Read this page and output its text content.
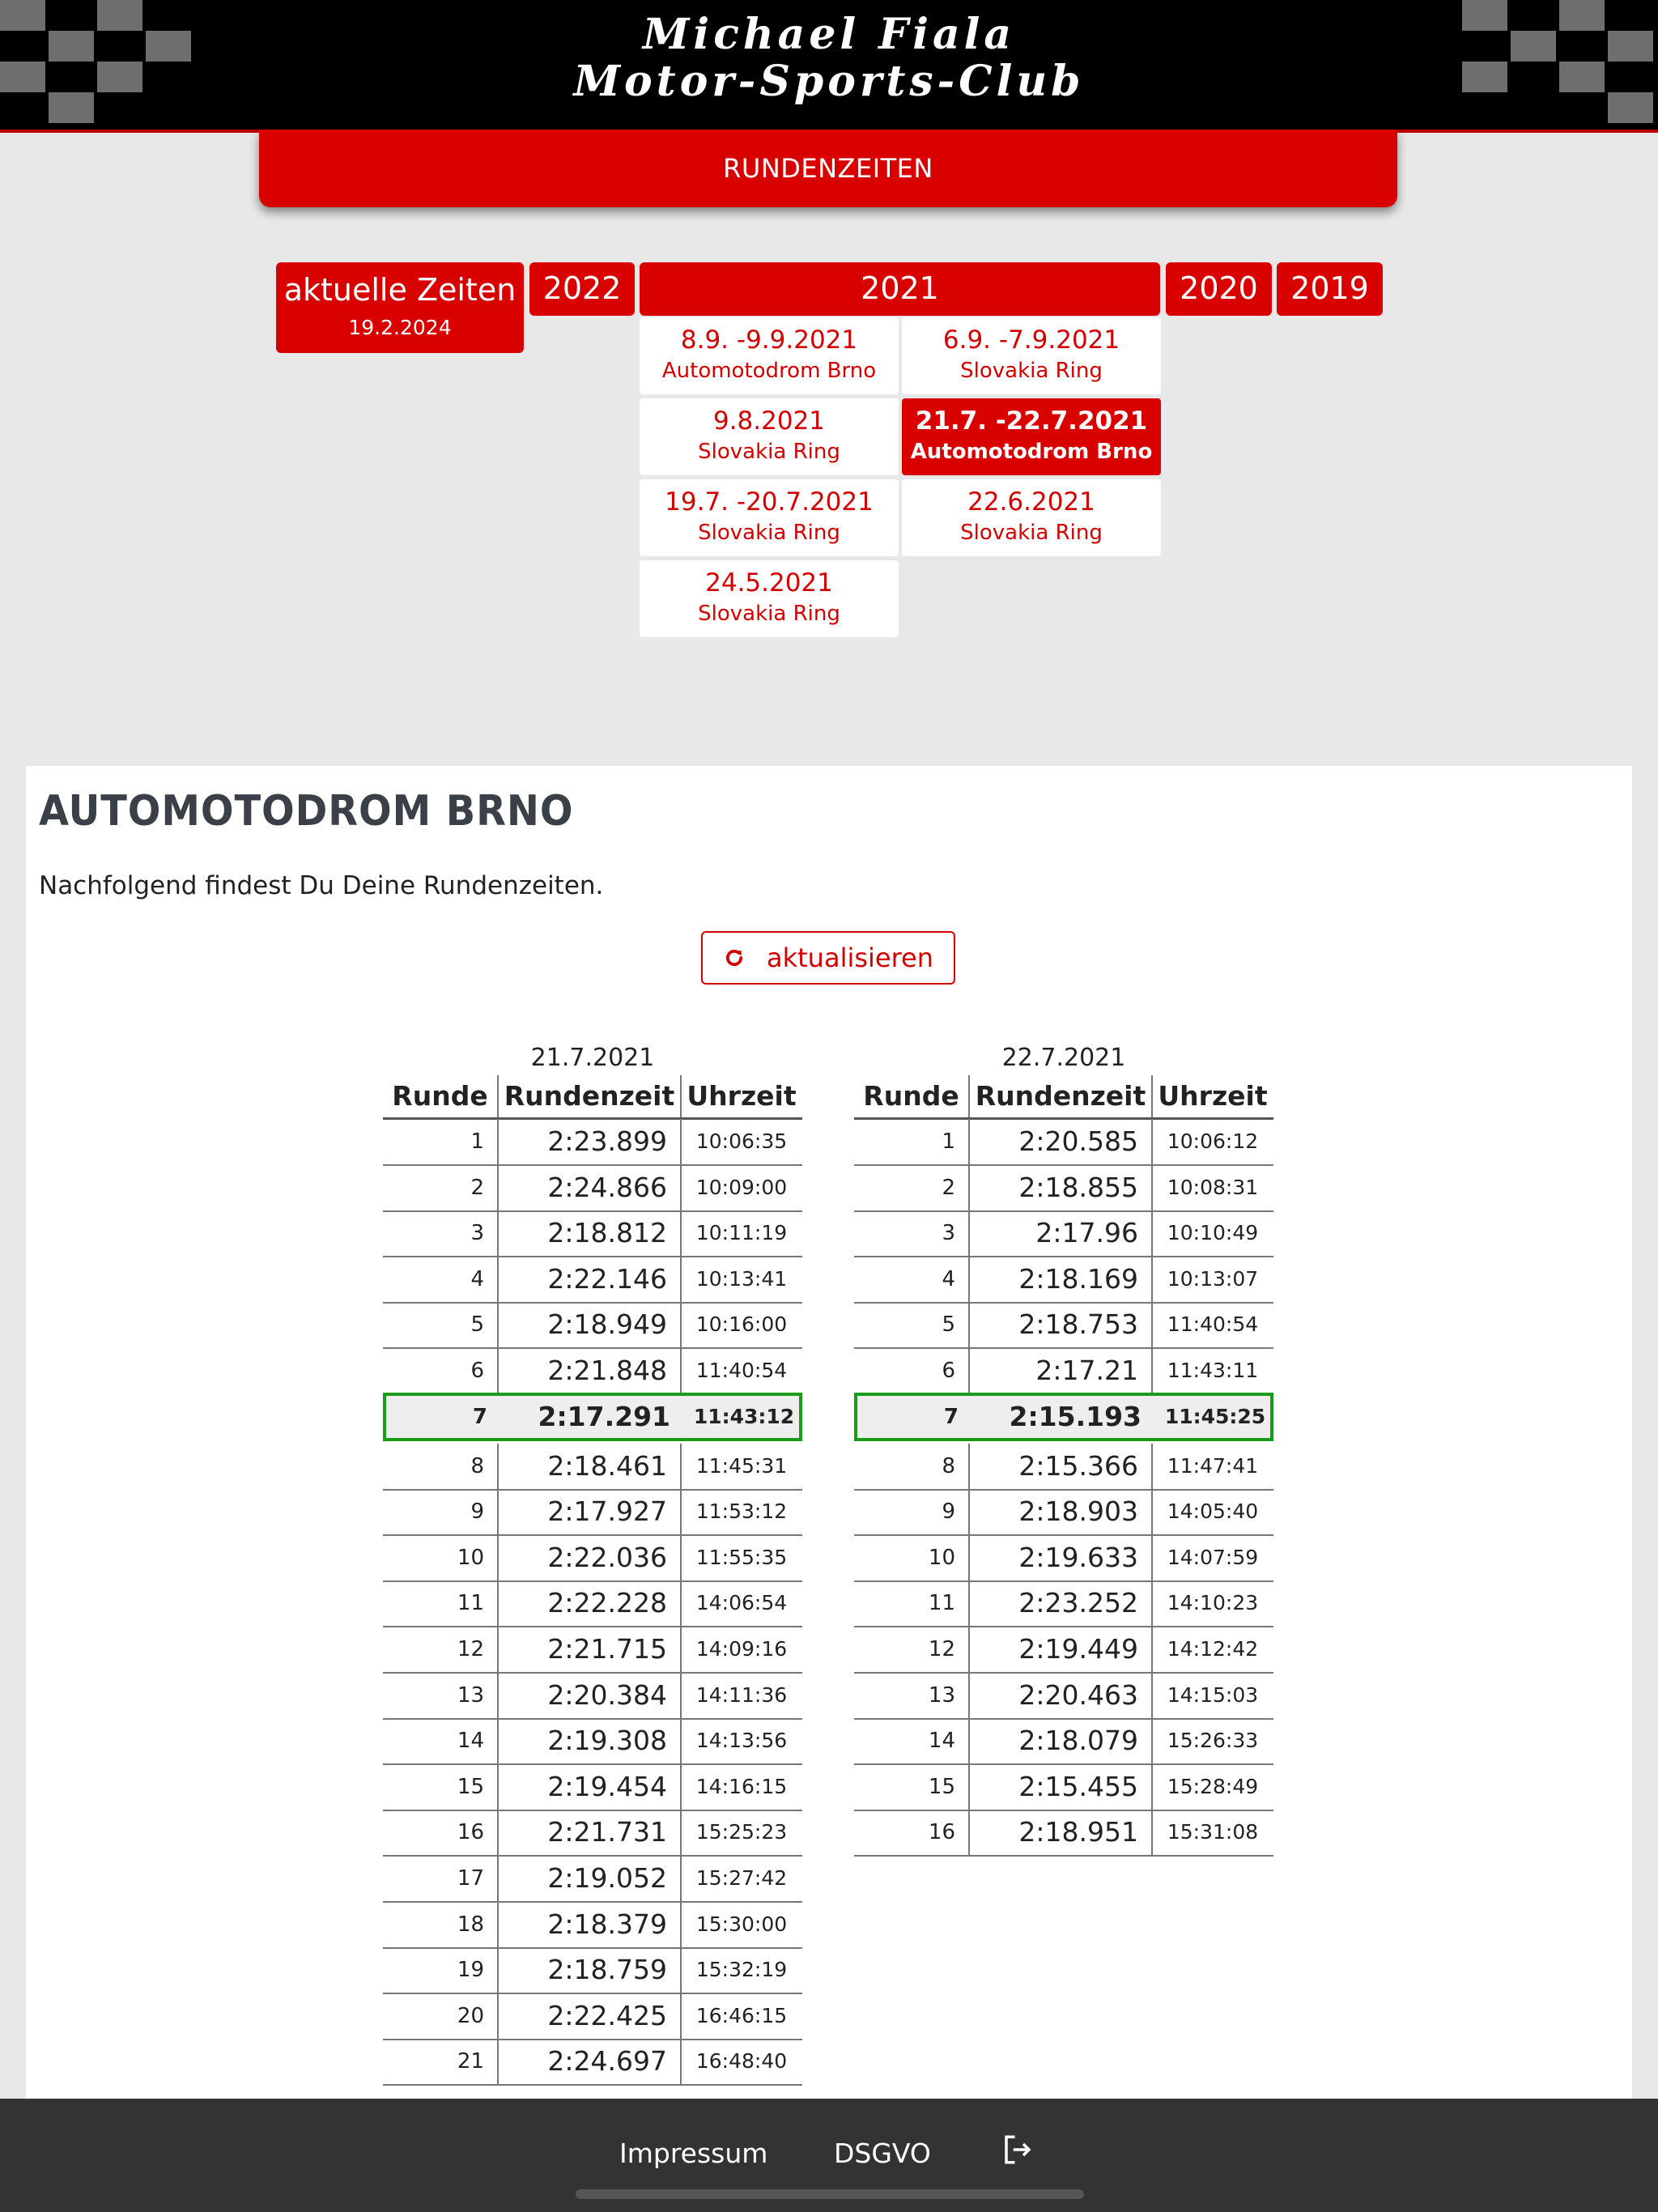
Michael Fiala
Motor-Sports-Club
RUNDENZEITEN
aktuelle Zeiten
19.2.2024
2022	2021	2020	2019
8.9. -9.9.2021
Automotodrom Brno
6.9. -7.9.2021
Slovakia Ring
9.8.2021
Slovakia Ring
21.7. -22.7.2021
Automotodrom Brno
19.7. -20.7.2021
Slovakia Ring
22.6.2021
Slovakia Ring
24.5.2021
Slovakia Ring
AUTOMOTODROM BRNO
Nachfolgend findest Du Deine Rundenzeiten.
aktualisieren
21.7.2021
Runde Rundenzeit Uhrzeit
1	2:23.899	10:06:35
2	2:24.866	10:09:00
3	2:18.812	10:11:19
4	2:22.146	10:13:41
5	2:18.949	10:16:00
6	2:21.848	11:40:54
7	2:17.291	11:43:12
8	2:18.461	11:45:31
9	2:17.927	11:53:12
10	2:22.036	11:55:35
11	2:22.228	14:06:54
12	2:21.715	14:09:16
13	2:20.384	14:11:36
14	2:19.308	14:13:56
15	2:19.454	14:16:15
16	2:21.731	15:25:23
17	2:19.052	15:27:42
18	2:18.379	15:30:00
19	2:18.759	15:32:19
20	2:22.425	16:46:15
21	2:24.697	16:48:40
22.7.2021
Runde Rundenzeit Uhrzeit
1	2:20.585	10:06:12
2	2:18.855	10:08:31
3	2:17.96	10:10:49
4	2:18.169	10:13:07
5	2:18.753	11:40:54
6	2:17.21	11:43:11
7	2:15.193	11:45:25
8	2:15.366	11:47:41
9	2:18.903	14:05:40
10	2:19.633	14:07:59
11	2:23.252	14:10:23
12	2:19.449	14:12:42
13	2:20.463	14:15:03
14	2:18.079	15:26:33
15	2:15.455	15:28:49
16	2:18.951	15:31:08
Impressum DSGVO
